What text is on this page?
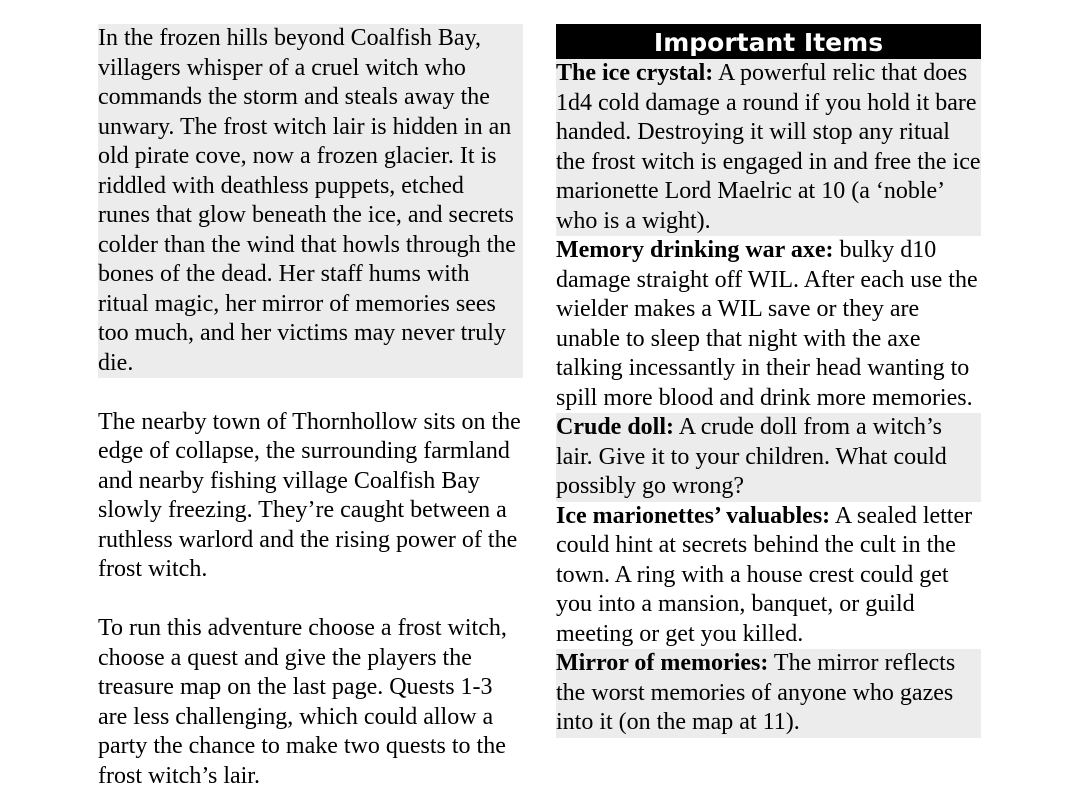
In the frozen hills beyond Coalfish Bay, villagers whisper of a cruel witch who commands the storm and steals away the unwary. The frost witch lair is hidden in an old pirate cove, now a frozen glacier. It is riddled with deathless puppets, etched runes that glow beneath the ice, and secrets colder than the wind that howls through the bones of the dead. Her staff hums with ritual magic, her mirror of memories sees too much, and her victims may never truly die.

The nearby town of Thornhollow sits on the edge of collapse, the surrounding farmland and nearby fishing village Coalfish Bay slowly freezing. They’re caught between a ruthless warlord and the rising power of the frost witch.

To run this adventure choose a frost witch, choose a quest and give the players the treasure map on the last page. Quests 1-3 are less challenging, which could allow a party the chance to make two quests to the frost witch’s lair.

Important Items

The ice crystal: A powerful relic that does 1d4 cold damage a round if you hold it bare handed. Destroying it will stop any ritual the frost witch is engaged in and free the ice marionette Lord Maelric at 10 (a ‘noble’ who is a wight).

Memory drinking war axe: bulky d10 damage straight off WIL. After each use the wielder makes a WIL save or they are unable to sleep that night with the axe talking incessantly in their head wanting to spill more blood and drink more memories.

Crude doll: A crude doll from a witch’s lair. Give it to your children. What could possibly go wrong?

Ice marionettes’ valuables: A sealed letter could hint at secrets behind the cult in the town. A ring with a house crest could get you into a mansion, banquet, or guild meeting or get you killed.

Mirror of memories: The mirror reflects the worst memories of anyone who gazes into it (on the map at 11).
